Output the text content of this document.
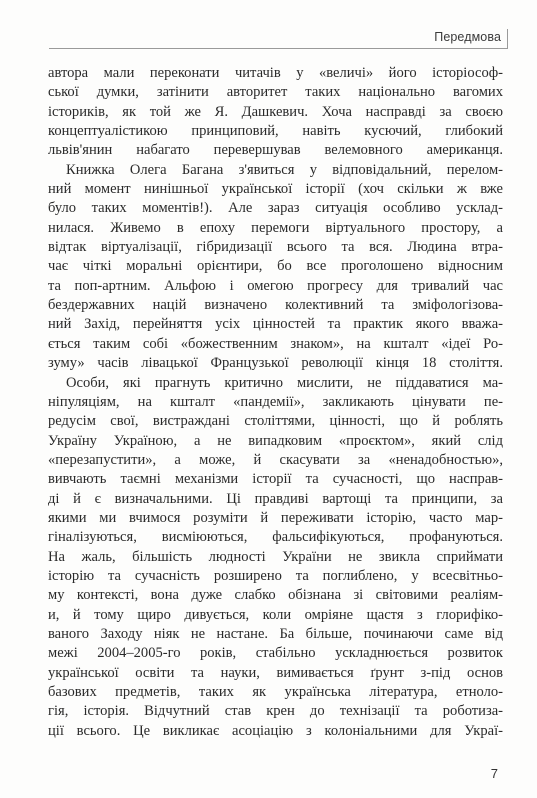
Передмова
автора мали переконати читачів у «величі» його історіософ-
ської думки, затінити авторитет таких національно вагомих
істориків, як той же Я. Дашкевич. Хоча насправді за своєю
концептуалістикою принциповий, навіть кусючий, глибокий
львів'янин набагато перевершував велемовного американця.
Книжка Олега Багана з'явиться у відповідальний, перелом-
ний момент нинішньої української історії (хоч скільки ж вже
було таких моментів!). Але зараз ситуація особливо усклад-
нилася. Живемо в епоху перемоги віртуального простору, а
відтак віртуалізації, гібридизації всього та вся. Людина втра-
чає чіткі моральні орієнтири, бо все проголошено відносним
та поп-артним. Альфою і омегою прогресу для тривалий час
бездержавних націй визначено колективний та зміфологізова-
ний Захід, перейняття усіх цінностей та практик якого вважа-
ється таким собі «божественним знаком», на кшталт «ідеї Ро-
зуму» часів лівацької Французької революції кінця 18 століття.
Особи, які прагнуть критично мислити, не піддаватися ма-
ніпуляціям, на кшталт «пандемії», закликають цінувати пе-
редусім свої, вистраждані століттями, цінності, що й роблять
Україну Україною, а не випадковим «проєктом», який слід
«перезапустити», а може, й скасувати за «ненадобностью»,
вивчають таємні механізми історії та сучасності, що насправ-
ді й є визначальними. Ці правдиві вартощі та принципи, за
якими ми вчимося розуміти й переживати історію, часто мар-
гіналізуються, висміюються, фальсифікуються, профануються.
На жаль, більшість людності України не звикла сприймати
історію та сучасність розширено та поглиблено, у всесвітньо-
му контексті, вона дуже слабко обізнана зі світовими реаліям-
и, й тому щиро дивується, коли омріяне щастя з глорифіко-
ваного Заходу ніяк не настане. Ба більше, починаючи саме від
межі 2004–2005-го років, стабільно ускладнюється розвиток
української освіти та науки, вимивається ґрунт з-під основ
базових предметів, таких як українська література, етноло-
гія, історія. Відчутний став крен до технізації та роботиза-
ції всього. Це викликає асоціацію з колоніальними для Украї-
7
